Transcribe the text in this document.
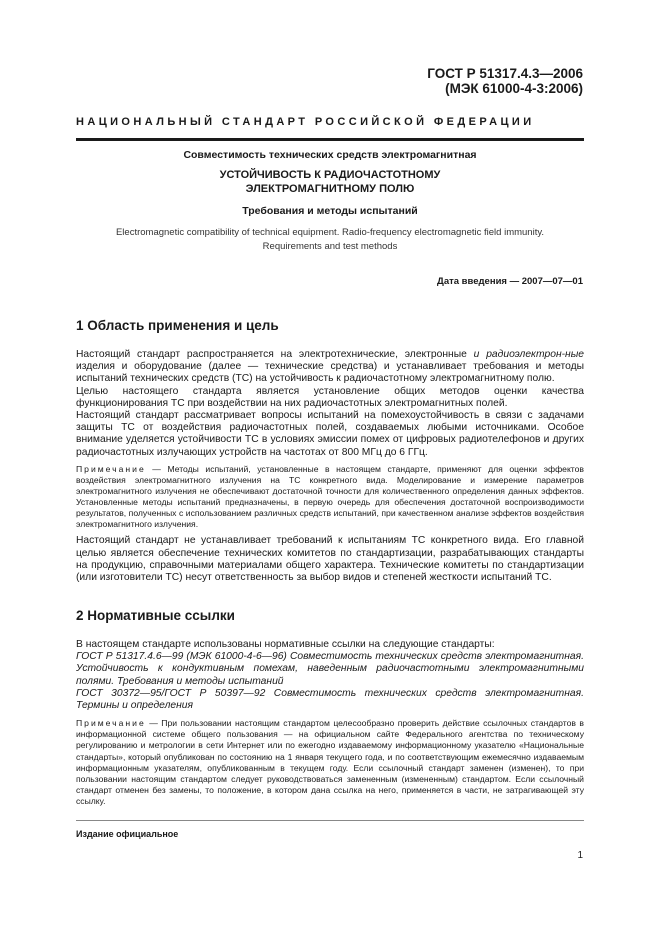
ГОСТ Р 51317.4.3—2006
(МЭК 61000-4-3:2006)
НАЦИОНАЛЬНЫЙ СТАНДАРТ РОССИЙСКОЙ ФЕДЕРАЦИИ
Совместимость технических средств электромагнитная
УСТОЙЧИВОСТЬ К РАДИОЧАСТОТНОМУ
ЭЛЕКТРОМАГНИТНОМУ ПОЛЮ
Требования и методы испытаний
Electromagnetic compatibility of technical equipment. Radio-frequency electromagnetic field immunity.
Requirements and test methods
Дата введения — 2007—07—01
1 Область применения и цель

Настоящий стандарт распространяется на электротехнические, электронные и радиоэлектрон-ные изделия и оборудование (далее — технические средства) и устанавливает требования и методы испытаний технических средств (ТС) на устойчивость к радиочастотному электромагнитному полю.

Целью настоящего стандарта является установление общих методов оценки качества функционирования ТС при воздействии на них радиочастотных электромагнитных полей.

Настоящий стандарт рассматривает вопросы испытаний на помехоустойчивость в связи с задачами защиты ТС от воздействия радиочастотных полей, создаваемых любыми источниками. Особое внимание уделяется устойчивости ТС в условиях эмиссии помех от цифровых радиотелефонов и других радиочастотных излучающих устройств на частотах от 800 МГц до 6 ГГц.

Примечание — Методы испытаний, установленные в настоящем стандарте, применяют для оценки эффектов воздействия электромагнитного излучения на ТС конкретного вида. Моделирование и измерение параметров электромагнитного излучения не обеспечивают достаточной точности для количественного определения данных эффектов. Установленные методы испытаний предназначены, в первую очередь для обеспечения достаточной воспроизводимости результатов, полученных с использованием различных средств испытаний, при качественном анализе эффектов воздействия электромагнитного излучения.

Настоящий стандарт не устанавливает требований к испытаниям ТС конкретного вида. Его главной целью является обеспечение технических комитетов по стандартизации, разрабатывающих стандарты на продукцию, справочными материалами общего характера. Технические комитеты по стандартизации (или изготовители ТС) несут ответственность за выбор видов и степеней жесткости испытаний ТС.

2 Нормативные ссылки

В настоящем стандарте использованы нормативные ссылки на следующие стандарты:

ГОСТ Р 51317.4.6—99 (МЭК 61000-4-6—96) Совместимость технических средств электромагнитная. Устойчивость к кондуктивным помехам, наведенным радиочастотными электромагнитными полями. Требования и методы испытаний

ГОСТ 30372—95/ГОСТ Р 50397—92 Совместимость технических средств электромагнитная. Термины и определения

Примечание — При пользовании настоящим стандартом целесообразно проверить действие ссылочных стандартов в информационной системе общего пользования — на официальном сайте Федерального агентства по техническому регулированию и метрологии в сети Интернет или по ежегодно издаваемому информационному указателю «Национальные стандарты», который опубликован по состоянию на 1 января текущего года, и по соответствующим ежемесячно издаваемым информационным указателям, опубликованным в текущем году. Если ссылочный стандарт заменен (изменен), то при пользовании настоящим стандартом следует руководствоваться замененным (измененным) стандартом. Если ссылочный стандарт отменен без замены, то положение, в котором дана ссылка на него, применяется в части, не затрагивающей эту ссылку.

Издание официальное
1
